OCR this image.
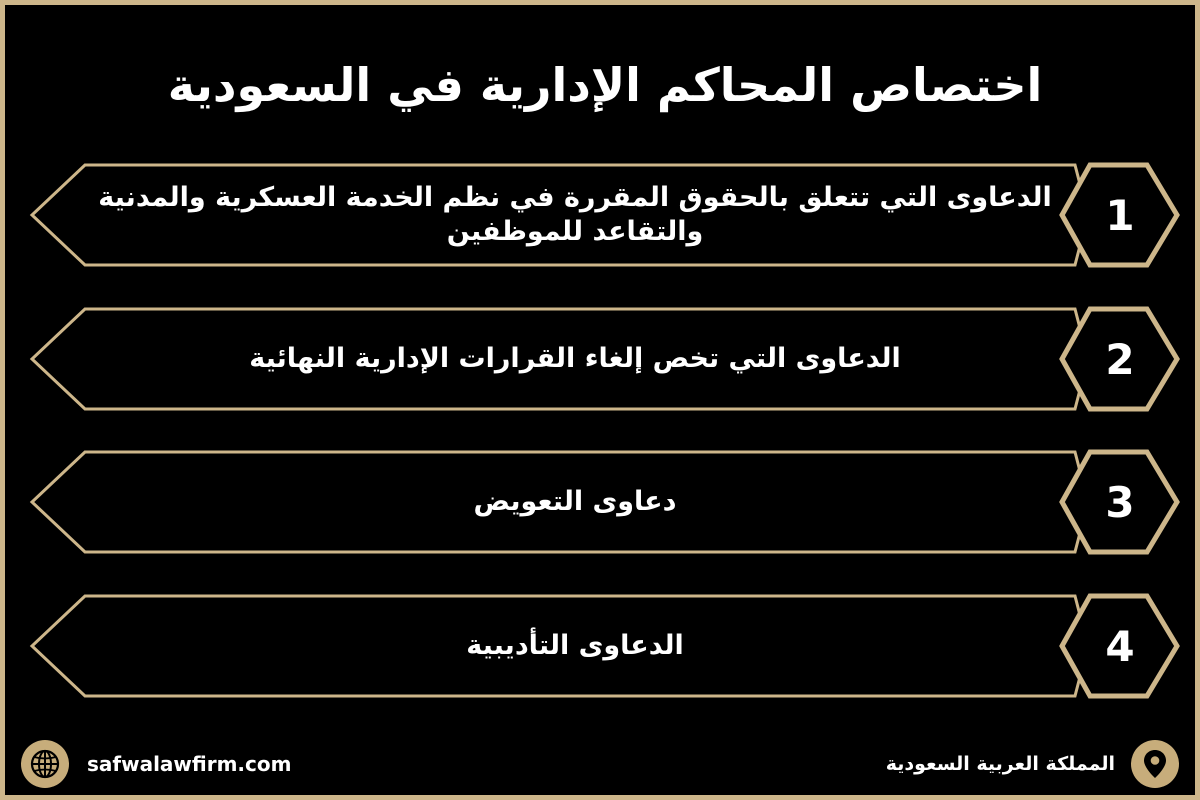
اختصاص المحاكم الإدارية في السعودية
الدعاوى التي تتعلق بالحقوق المقررة في نظم الخدمة العسكرية والمدنية والتقاعد للموظفين	1
الدعاوى التي تخص إلغاء القرارات الإدارية النهائية	2
دعاوى التعويض	3
الدعاوى التأديبية	4
safwalawfirm.com	المملكة العربية السعودية
